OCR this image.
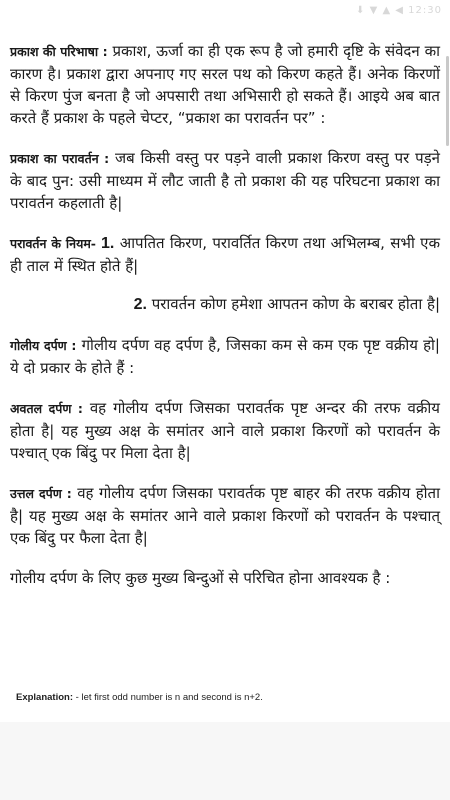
⬇ ▼ ▲ ◀ 12:30

प्रकाश की परिभाषा : प्रकाश, ऊर्जा का ही एक रूप है जो हमारी दृष्टि के संवेदन का कारण है। प्रकाश द्वारा अपनाए गए सरल पथ को किरण कहते हैं। अनेक किरणों से किरण पुंज बनता है जो अपसारी तथा अभिसारी हो सकते हैं। आइये अब बात करते हैं प्रकाश के पहले चेप्टर, “प्रकाश का परावर्तन पर” :

प्रकाश का परावर्तन : जब किसी वस्तु पर पड़ने वाली प्रकाश किरण वस्तु पर पड़ने के बाद पुन: उसी माध्यम में लौट जाती है तो प्रकाश की यह परिघटना प्रकाश का परावर्तन कहलाती है|

परावर्तन के नियम- 1. आपतित किरण, परावर्तित किरण तथा अभिलम्ब, सभी एक ही ताल में स्थित होते हैं|

2. परावर्तन कोण हमेशा आपतन कोण के बराबर होता है|

गोलीय दर्पण : गोलीय दर्पण वह दर्पण है, जिसका कम से कम एक पृष्ट वक्रीय हो| ये दो प्रकार के होते हैं :

अवतल दर्पण : वह गोलीय दर्पण जिसका परावर्तक पृष्ट अन्दर की तरफ वक्रीय होता है| यह मुख्य अक्ष के समांतर आने वाले प्रकाश किरणों को परावर्तन के पश्चात् एक बिंदु पर मिला देता है|

उत्तल दर्पण : वह गोलीय दर्पण जिसका परावर्तक पृष्ट बाहर की तरफ वक्रीय होता है| यह मुख्य अक्ष के समांतर आने वाले प्रकाश किरणों को परावर्तन के पश्चात् एक बिंदु पर फैला देता है|

गोलीय दर्पण के लिए कुछ मुख्य बिन्दुओं से परिचित होना आवश्यक है :

Explanation: - let first odd number is n and second is n+2.
